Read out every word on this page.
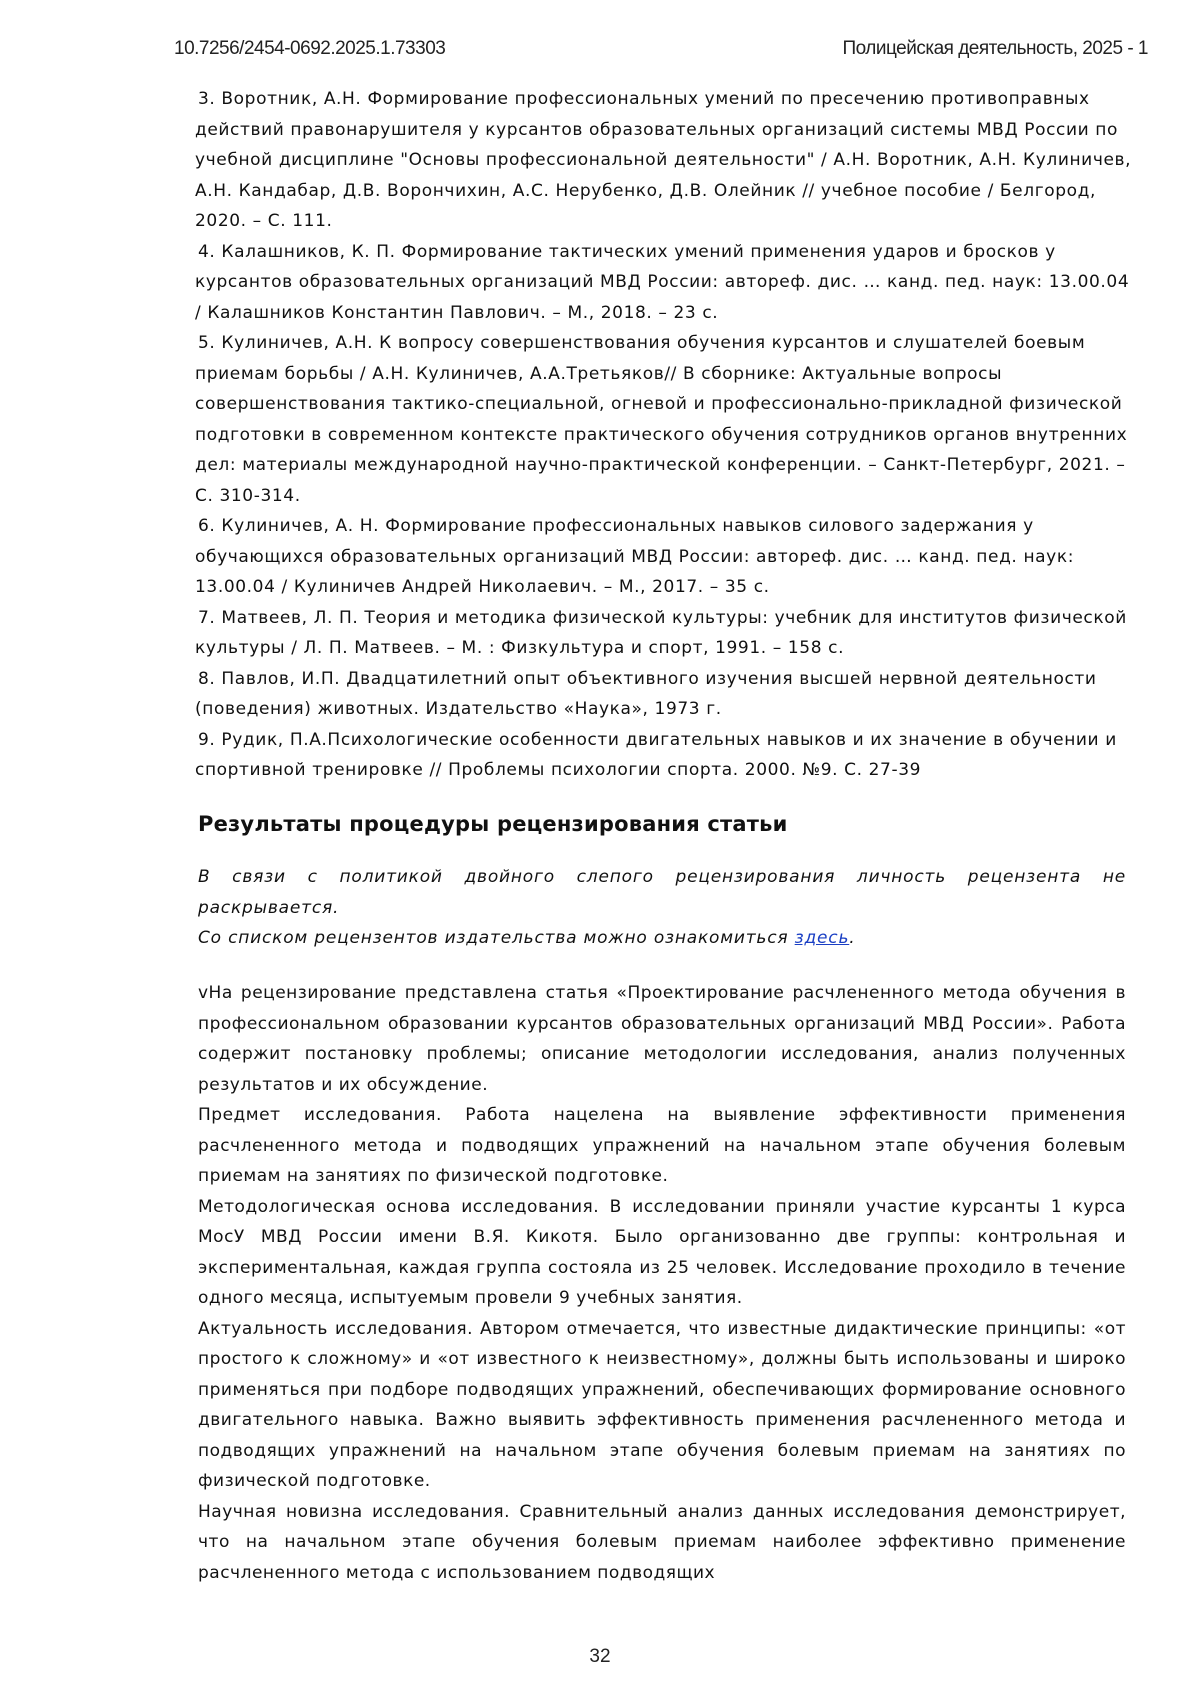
10.7256/2454-0692.2025.1.73303	Полицейская деятельность, 2025 - 1

3. Воротник, А.Н. Формирование профессиональных умений по пресечению противоправных действий правонарушителя у курсантов образовательных организаций системы МВД России по учебной дисциплине "Основы профессиональной деятельности" / А.Н. Воротник, А.Н. Кулиничев, А.Н. Кандабар, Д.В. Ворончихин, А.С. Нерубенко, Д.В. Олейник // учебное пособие / Белгород, 2020. – С. 111.

4. Калашников, К. П. Формирование тактических умений применения ударов и бросков у курсантов образовательных организаций МВД России: автореф. дис. … канд. пед. наук: 13.00.04 / Калашников Константин Павлович. – М., 2018. – 23 с.

5. Кулиничев, А.Н. К вопросу совершенствования обучения курсантов и слушателей боевым приемам борьбы / А.Н. Кулиничев, А.А.Третьяков// В сборнике: Актуальные вопросы совершенствования тактико-специальной, огневой и профессионально-прикладной физической подготовки в современном контексте практического обучения сотрудников органов внутренних дел: материалы международной научно-практической конференции. – Санкт-Петербург, 2021. – С. 310-314.

6. Кулиничев, А. Н. Формирование профессиональных навыков силового задержания у обучающихся образовательных организаций МВД России: автореф. дис. … канд. пед. наук: 13.00.04 / Кулиничев Андрей Николаевич. – М., 2017. – 35 с.

7. Матвеев, Л. П. Теория и методика физической культуры: учебник для институтов физической культуры / Л. П. Матвеев. – М. : Физкультура и спорт, 1991. – 158 с.

8. Павлов, И.П. Двадцатилетний опыт объективного изучения высшей нервной деятельности (поведения) животных. Издательство «Наука», 1973 г.

9. Рудик, П.А.Психологические особенности двигательных навыков и их значение в обучении и спортивной тренировке // Проблемы психологии спорта. 2000. №9. С. 27-39

Результаты процедуры рецензирования статьи

В связи с политикой двойного слепого рецензирования личность рецензента не раскрывается.

Со списком рецензентов издательства можно ознакомиться здесь.

vНа рецензирование представлена статья «Проектирование расчлененного метода обучения в профессиональном образовании курсантов образовательных организаций МВД России». Работа содержит постановку проблемы; описание методологии исследования, анализ полученных результатов и их обсуждение.

Предмет исследования. Работа нацелена на выявление эффективности применения расчлененного метода и подводящих упражнений на начальном этапе обучения болевым приемам на занятиях по физической подготовке.

Методологическая основа исследования. В исследовании приняли участие курсанты 1 курса МосУ МВД России имени В.Я. Кикотя. Было организованно две группы: контрольная и экспериментальная, каждая группа состояла из 25 человек. Исследование проходило в течение одного месяца, испытуемым провели 9 учебных занятия.

Актуальность исследования. Автором отмечается, что известные дидактические принципы: «от простого к сложному» и «от известного к неизвестному», должны быть использованы и широко применяться при подборе подводящих упражнений, обеспечивающих формирование основного двигательного навыка. Важно выявить эффективность применения расчлененного метода и подводящих упражнений на начальном этапе обучения болевым приемам на занятиях по физической подготовке.

Научная новизна исследования. Сравнительный анализ данных исследования демонстрирует, что на начальном этапе обучения болевым приемам наиболее эффективно применение расчлененного метода с использованием подводящих

32
